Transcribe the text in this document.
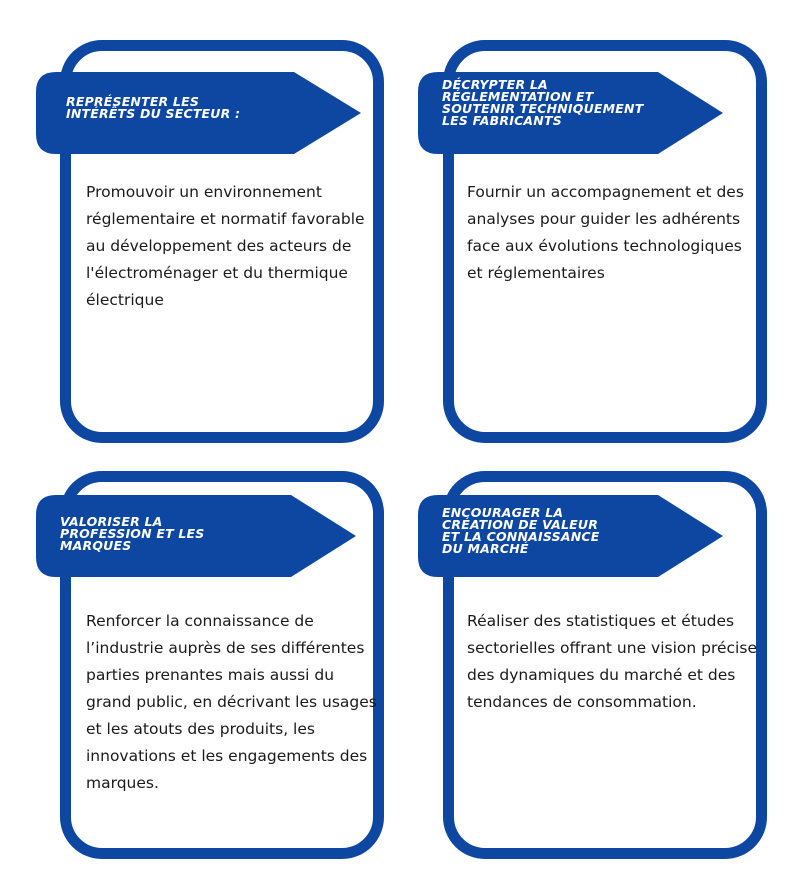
REPRÉSENTER LES
INTÉRÊTS DU SECTEUR :
Promouvoir un environnement réglementaire et normatif favorable au développement des acteurs de l'électroménager et du thermique électrique
DÉCRYPTER LA
RÉGLEMENTATION ET
SOUTENIR TECHNIQUEMENT
LES FABRICANTS
Fournir un accompagnement et des analyses pour guider les adhérents face aux évolutions technologiques et réglementaires
VALORISER LA
PROFESSION ET LES
MARQUES
Renforcer la connaissance de l’industrie auprès de ses différentes parties prenantes mais aussi du grand public, en décrivant les usages et les atouts des produits, les innovations et les engagements des marques.
ENCOURAGER LA
CRÉATION DE VALEUR
ET LA CONNAISSANCE
DU MARCHÉ
Réaliser des statistiques et études sectorielles offrant une vision précise des dynamiques du marché et des tendances de consommation.
